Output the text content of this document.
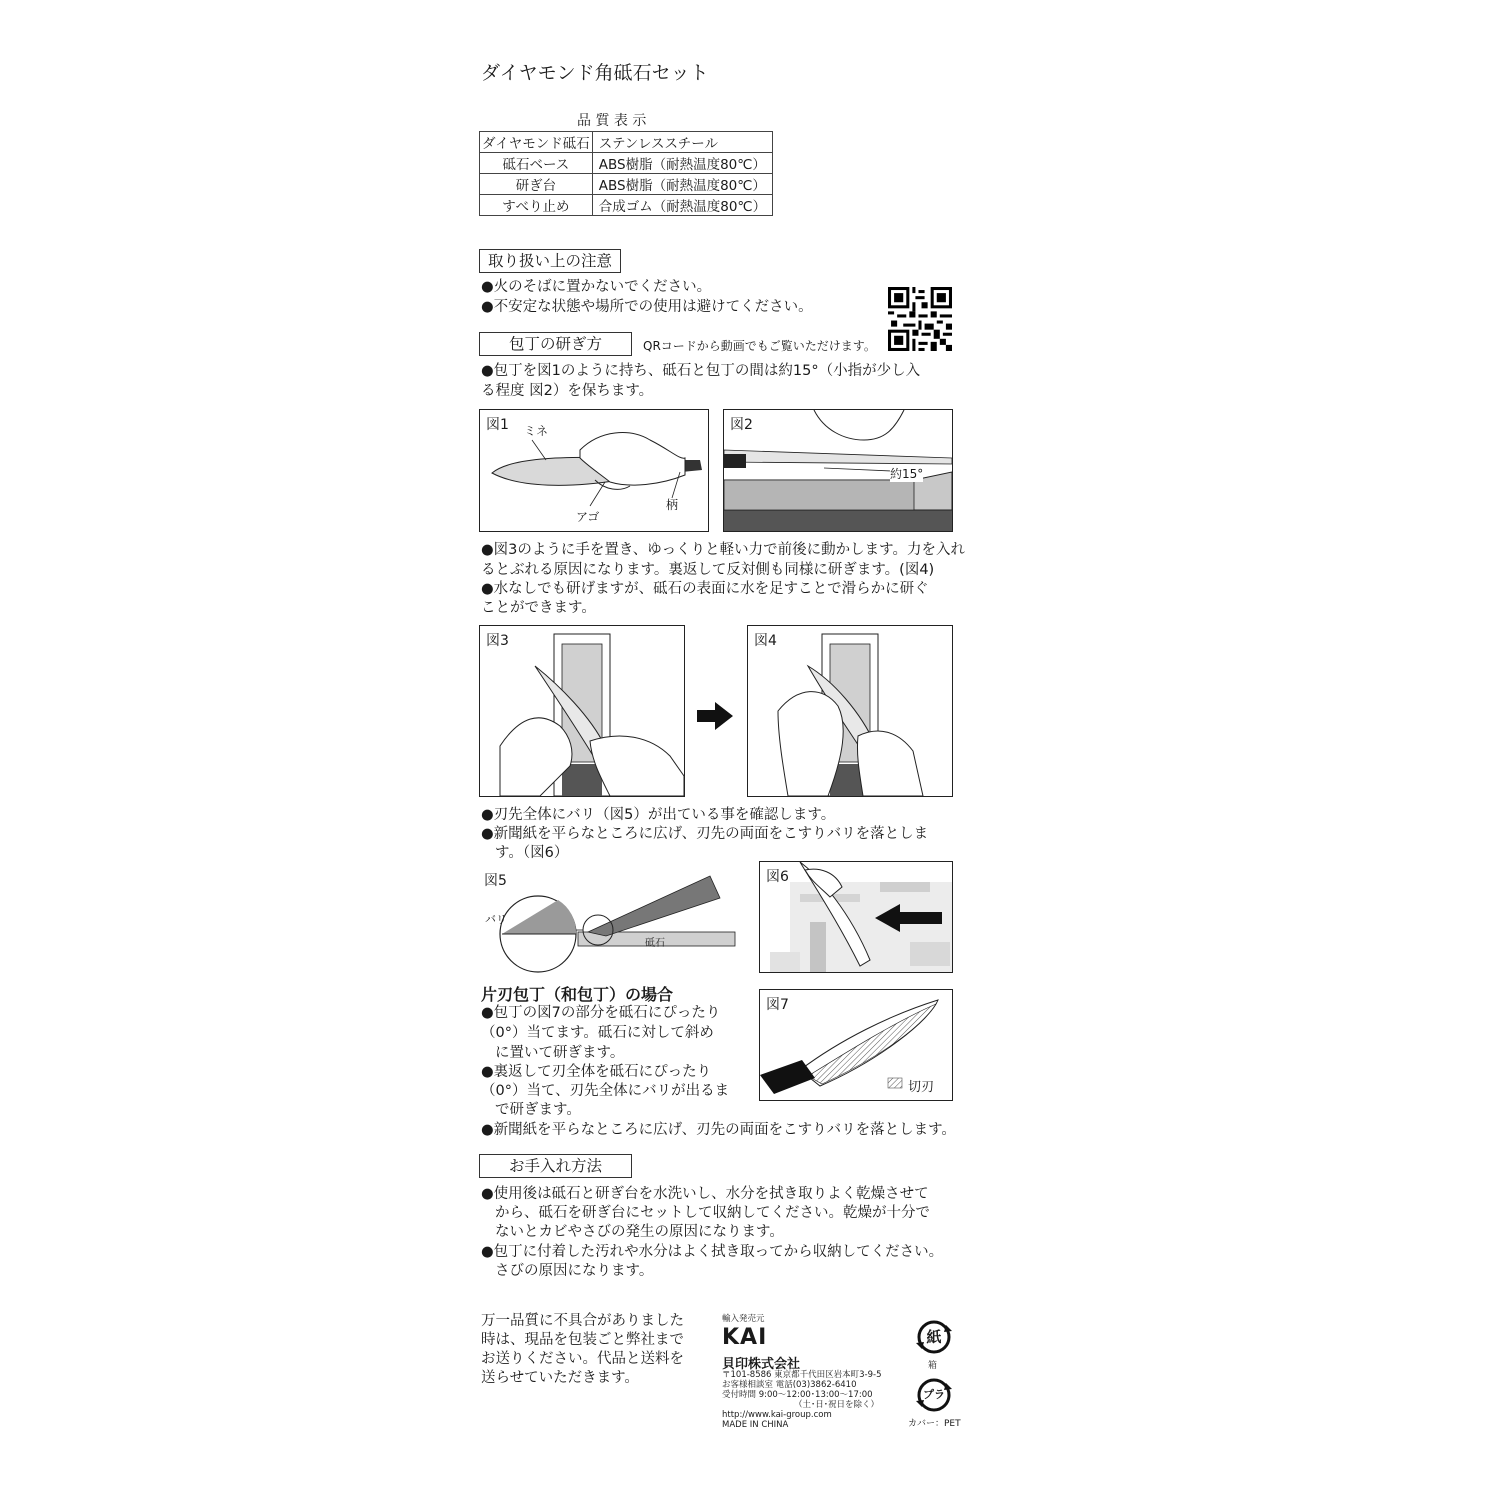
ダイヤモンド角砥石セット
品 質 表 示
ダイヤモンド砥石	ステンレススチール
砥石ベース	ABS樹脂（耐熱温度80℃）
研ぎ台	ABS樹脂（耐熱温度80℃）
すべり止め	合成ゴム（耐熱温度80℃）
取り扱い上の注意
●火のそばに置かないでください。
●不安定な状態や場所での使用は避けてください。
包丁の研ぎ方	QRコードから動画でもご覧いただけます。
●包丁を図1のように持ち、砥石と包丁の間は約15°（小指が少し入
る程度 図2）を保ちます。
図1 ミネ
アゴ
柄
図2
約15°
●図3のように手を置き、ゆっくりと軽い力で前後に動かします。力を入れ
るとぶれる原因になります。裏返して反対側も同様に研ぎます。(図4)
●水なしでも研げますが、砥石の表面に水を足すことで滑らかに研ぐ
ことができます。
図3	図4
●刃先全体にバリ（図5）が出ている事を確認します。
●新聞紙を平らなところに広げ、刃先の両面をこすりバリを落としま
す。（図6）
図5
バリ
砥石
図6
片刃包丁（和包丁）の場合
●包丁の図7の部分を砥石にぴったり
（0°）当てます。砥石に対して斜め
に置いて研ぎます。
●裏返して刃全体を砥石にぴったり
（0°）当て、刃先全体にバリが出るま
で研ぎます。
図7
切刃
●新聞紙を平らなところに広げ、刃先の両面をこすりバリを落とします。
お手入れ方法
●使用後は砥石と研ぎ台を水洗いし、水分を拭き取りよく乾燥させて
から、砥石を研ぎ台にセットして収納してください。乾燥が十分で
ないとカビやさびの発生の原因になります。
●包丁に付着した汚れや水分はよく拭き取ってから収納してください。
さびの原因になります。
万一品質に不具合がありました
時は、現品を包装ごと弊社まで
お送りください。代品と送料を
送らせていただきます。
輸入発売元
KAI
貝印株式会社
〒101-8586 東京都千代田区岩本町3-9-5
お客様相談室 電話(03)3862-6410
受付時間 9:00〜12:00･13:00〜17:00
（土･日･祝日を除く）
http://www.kai-group.com
MADE IN CHINA
紙
箱
プラ
カバー：PET
